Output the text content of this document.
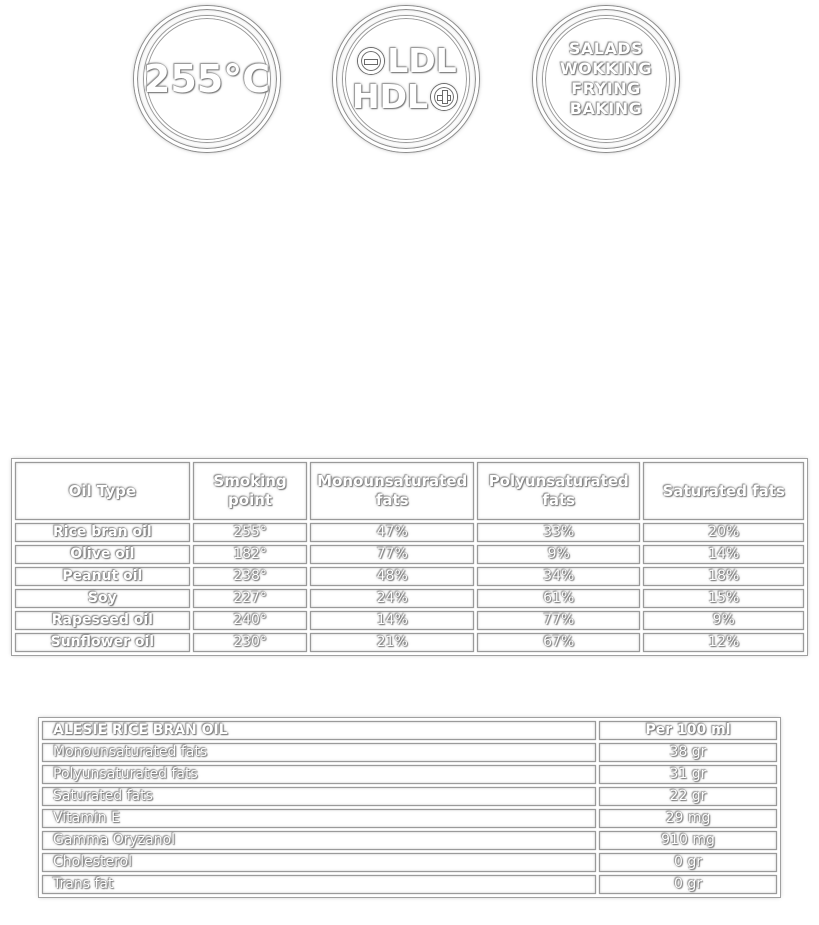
255°C	LDL
HDL
SALADS
WOKKING
FRYING
BAKING
Oil Type	Smoking point	Monounsaturated fats	Polyunsaturated fats	Saturated fats
Rice bran oil	255°	47%	33%	20%
Olive oil	182°	77%	9%	14%
Peanut oil	238°	48%	34%	18%
Soy	227°	24%	61%	15%
Rapeseed oil	240°	14%	77%	9%
Sunflower oil	230°	21%	67%	12%
ALESIE RICE BRAN OIL	Per 100 ml
Monounsaturated fats	38 gr
Polyunsaturated fats	31 gr
Saturated fats	22 gr
Vitamin E	29 mg
Gamma Oryzanol	910 mg
Cholesterol	0 gr
Trans fat	0 gr
